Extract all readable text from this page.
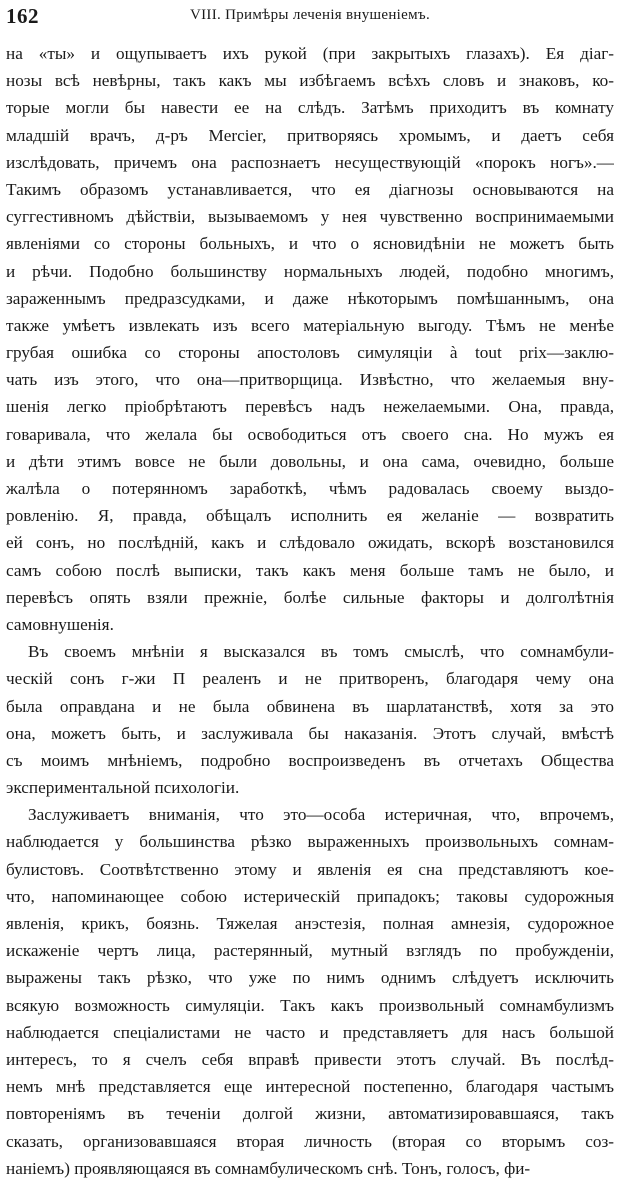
162	VIII. Примѣры леченія внушеніемъ.
на «ты» и ощупываетъ ихъ рукой (при закрытыхъ глазахъ). Ея діаг-
нозы всѣ невѣрны, такъ какъ мы избѣгаемъ всѣхъ словъ и знаковъ, ко-
торые могли бы навести ее на слѣдъ. Затѣмъ приходитъ въ комнату
младшій врачъ, д-ръ Mercier, притворяясь хромымъ, и даетъ себя
изслѣдовать, причемъ она распознаетъ несуществующій «порокъ ногъ».—
Такимъ образомъ устанавливается, что ея діагнозы основываются на
суггестивномъ дѣйствіи, вызываемомъ у нея чувственно воспринимаемыми
явленіями со стороны больныхъ, и что о ясновидѣніи не можетъ быть
и рѣчи. Подобно большинству нормальныхъ людей, подобно многимъ,
зараженнымъ предразсудками, и даже нѣкоторымъ помѣшаннымъ, она
также умѣетъ извлекать изъ всего матеріальную выгоду. Тѣмъ не менѣе
грубая ошибка со стороны апостоловъ симуляціи à tout prix—заклю-
чать изъ этого, что она—притворщица. Извѣстно, что желаемыя вну-
шенія легко пріобрѣтаютъ перевѣсъ надъ нежелаемыми. Она, правда,
говаривала, что желала бы освободиться отъ своего сна. Но мужъ ея
и дѣти этимъ вовсе не были довольны, и она сама, очевидно, больше
жалѣла о потерянномъ заработкѣ, чѣмъ радовалась своему выздо-
ровленію. Я, правда, обѣщалъ исполнить ея желаніе — возвратить
ей сонъ, но послѣдній, какъ и слѣдовало ожидать, вскорѣ возстановился
самъ собою послѣ выписки, такъ какъ меня больше тамъ не было, и
перевѣсъ опять взяли прежніе, болѣе сильные факторы и долголѣтнія
самовнушенія.
Въ своемъ мнѣніи я высказался въ томъ смыслѣ, что сомнамбули-
ческій сонъ г-жи П реаленъ и не притворенъ, благодаря чему она
была оправдана и не была обвинена въ шарлатанствѣ, хотя за это
она, можетъ быть, и заслуживала бы наказанія. Этотъ случай, вмѣстѣ
съ моимъ мнѣніемъ, подробно воспроизведенъ въ отчетахъ Общества
экспериментальной психологіи.
Заслуживаетъ вниманія, что это—особа истеричная, что, впрочемъ,
наблюдается у большинства рѣзко выраженныхъ произвольныхъ сомнам-
булистовъ. Соотвѣтственно этому и явленія ея сна представляютъ кое-
что, напоминающее собою истерическій припадокъ; таковы судорожныя
явленія, крикъ, боязнь. Тяжелая анэстезія, полная амнезія, судорожное
искаженіе чертъ лица, растерянный, мутный взглядъ по пробужденіи,
выражены такъ рѣзко, что уже по нимъ однимъ слѣдуетъ исключить
всякую возможность симуляціи. Такъ какъ произвольный сомнамбулизмъ
наблюдается спеціалистами не часто и представляетъ для насъ большой
интересъ, то я счелъ себя вправѣ привести этотъ случай. Въ послѣд-
немъ мнѣ представляется еще интересной постепенно, благодаря частымъ
повтореніямъ въ теченіи долгой жизни, автоматизировавшаяся, такъ
сказать, организовавшаяся вторая личность (вторая со вторымъ соз-
наніемъ) проявляющаяся въ сомнамбулическомъ снѣ. Тонъ, голосъ, фи-
